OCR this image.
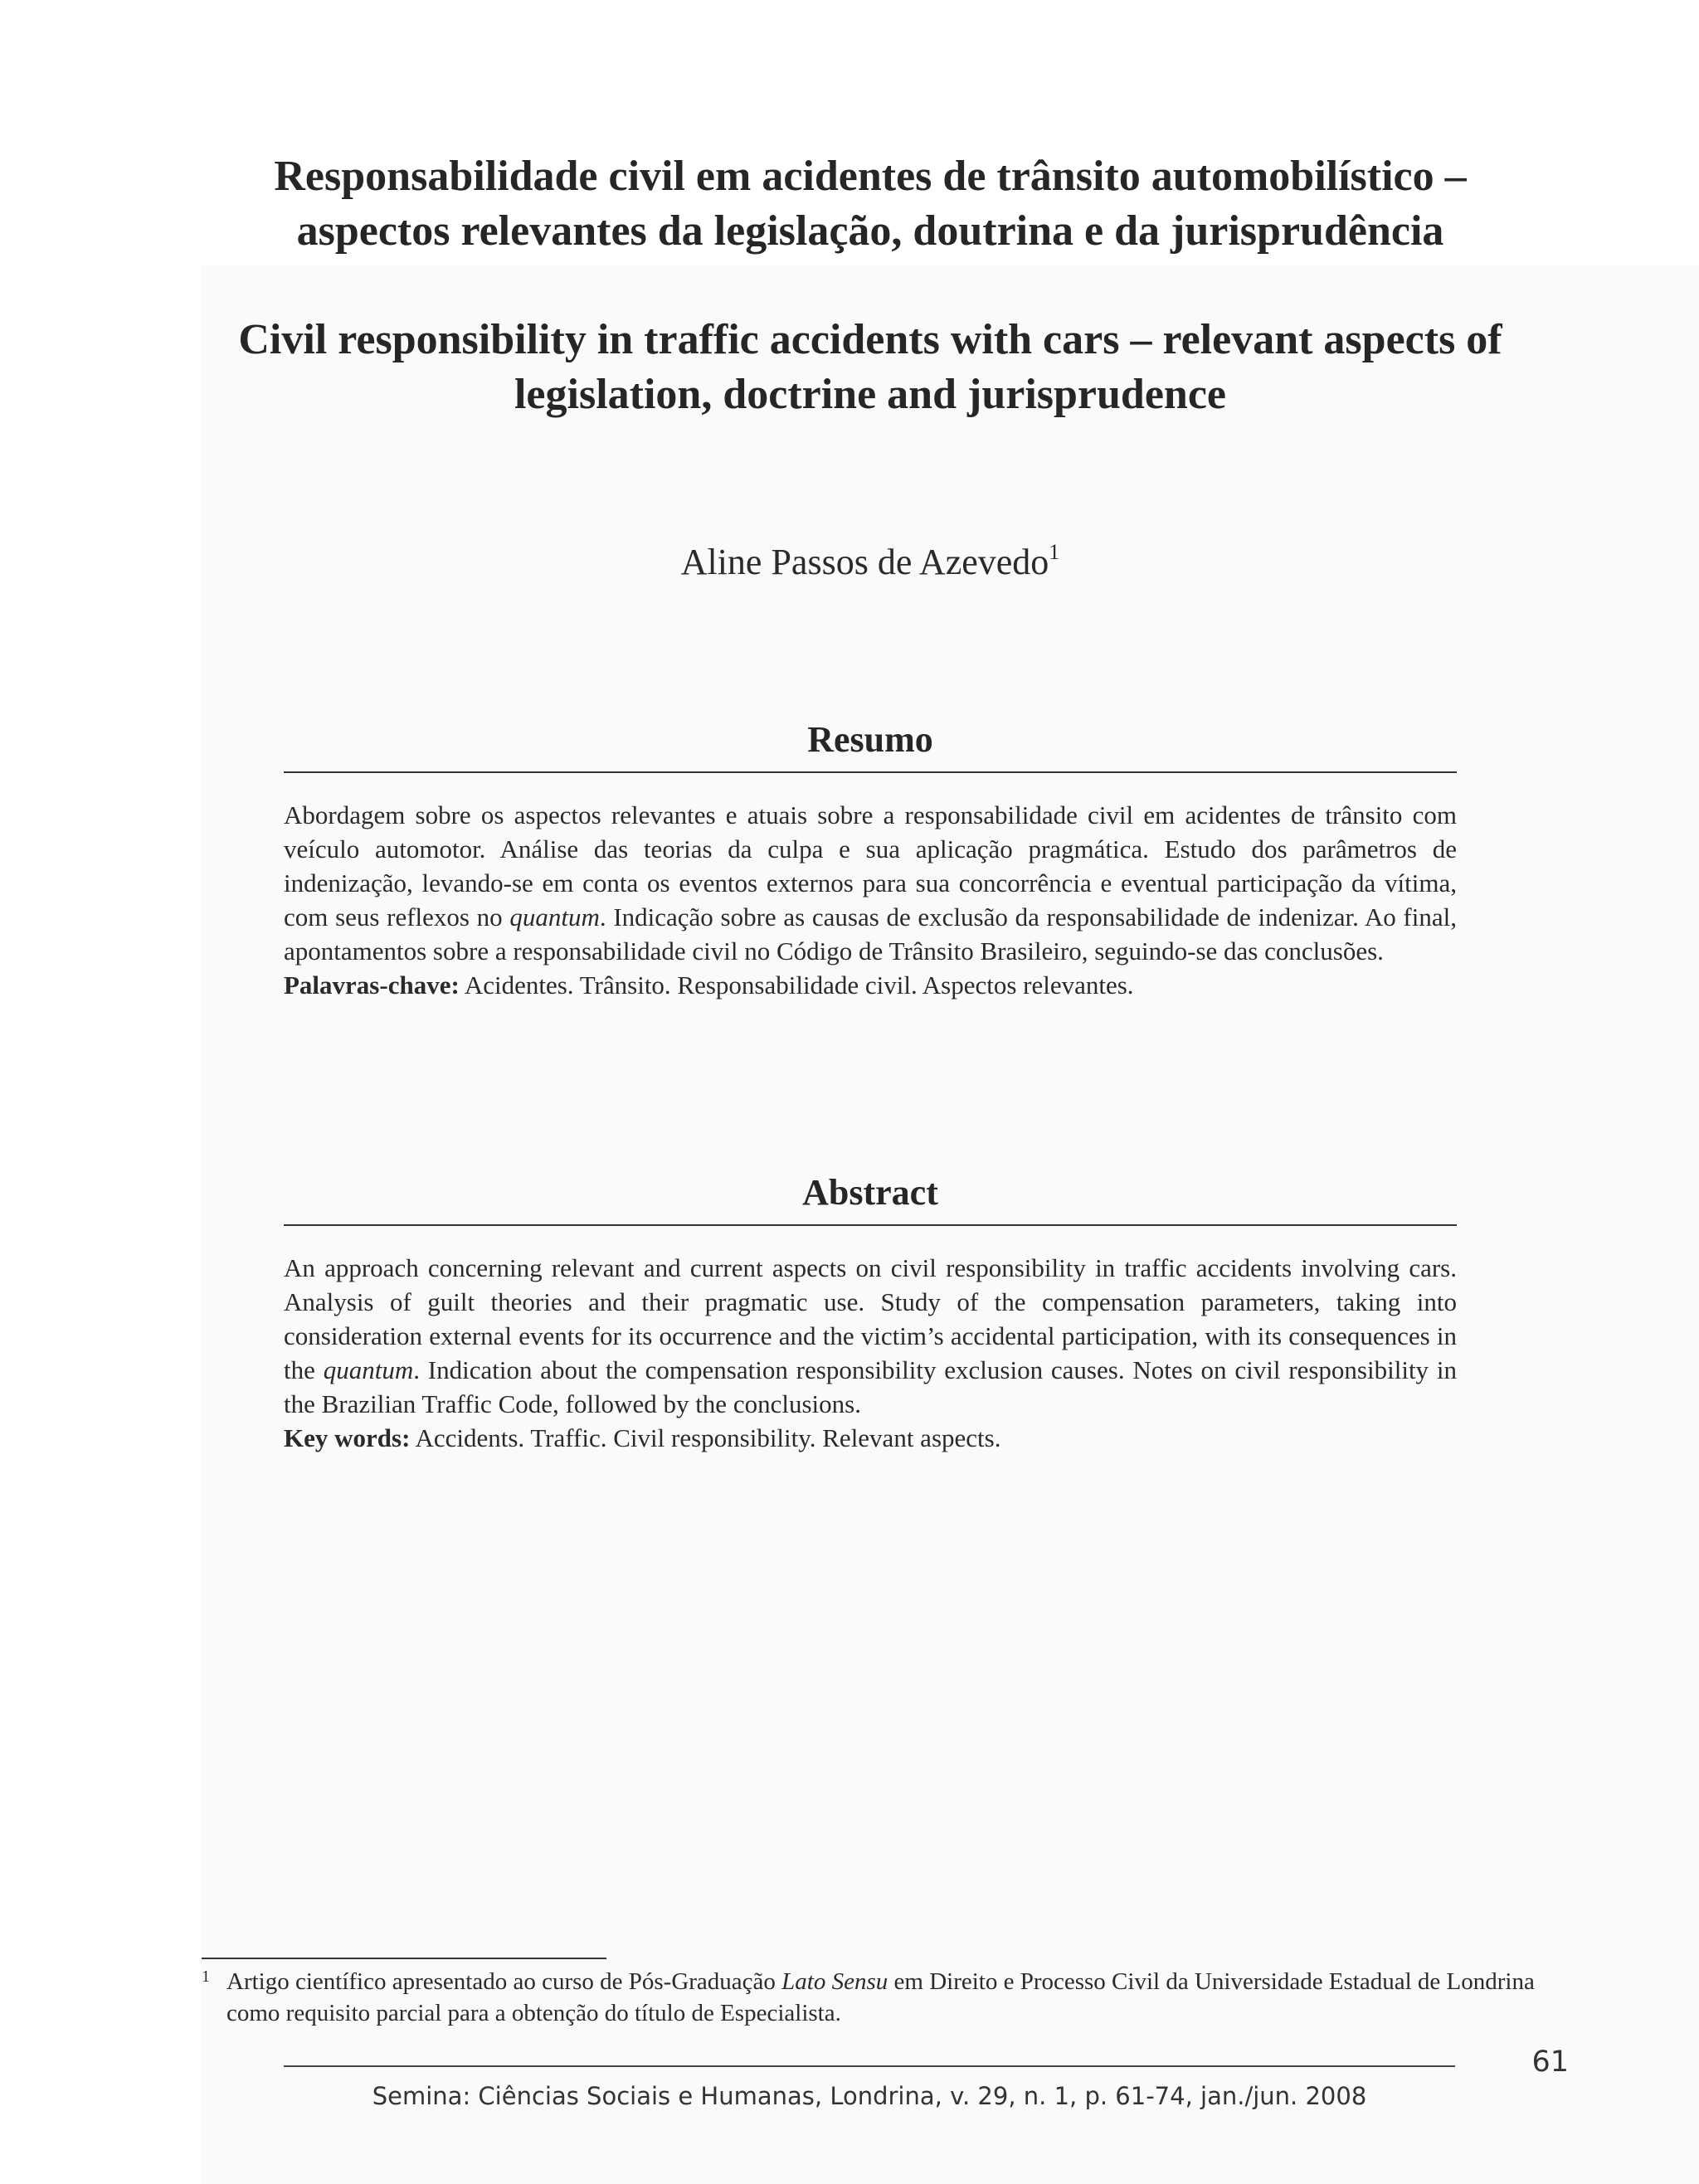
Responsabilidade civil em acidentes de trânsito automobilístico –
aspectos relevantes da legislação, doutrina e da jurisprudência
Civil responsibility in traffic accidents with cars – relevant aspects of
legislation, doctrine and jurisprudence
Aline Passos de Azevedo$^1$
Resumo

Abordagem sobre os aspectos relevantes e atuais sobre a responsabilidade civil em acidentes de trânsito com veículo automotor. Análise das teorias da culpa e sua aplicação pragmática. Estudo dos parâmetros de indenização, levando-se em conta os eventos externos para sua concorrência e eventual participação da vítima, com seus reflexos no quantum. Indicação sobre as causas de exclusão da responsabilidade de indenizar. Ao final, apontamentos sobre a responsabilidade civil no Código de Trânsito Brasileiro, seguindo-se das conclusões.

Palavras-chave: Acidentes. Trânsito. Responsabilidade civil. Aspectos relevantes.

Abstract

An approach concerning relevant and current aspects on civil responsibility in traffic accidents involving cars. Analysis of guilt theories and their pragmatic use. Study of the compensation parameters, taking into consideration external events for its occurrence and the victim’s accidental participation, with its consequences in the quantum. Indication about the compensation responsibility exclusion causes. Notes on civil responsibility in the Brazilian Traffic Code, followed by the conclusions.

Key words: Accidents. Traffic. Civil responsibility. Relevant aspects.

1 Artigo científico apresentado ao curso de Pós-Graduação Lato Sensu em Direito e Processo Civil da Universidade Estadual de Londrina como requisito parcial para a obtenção do título de Especialista.
61
Semina: Ciências Sociais e Humanas, Londrina, v. 29, n. 1, p. 61-74, jan./jun. 2008
